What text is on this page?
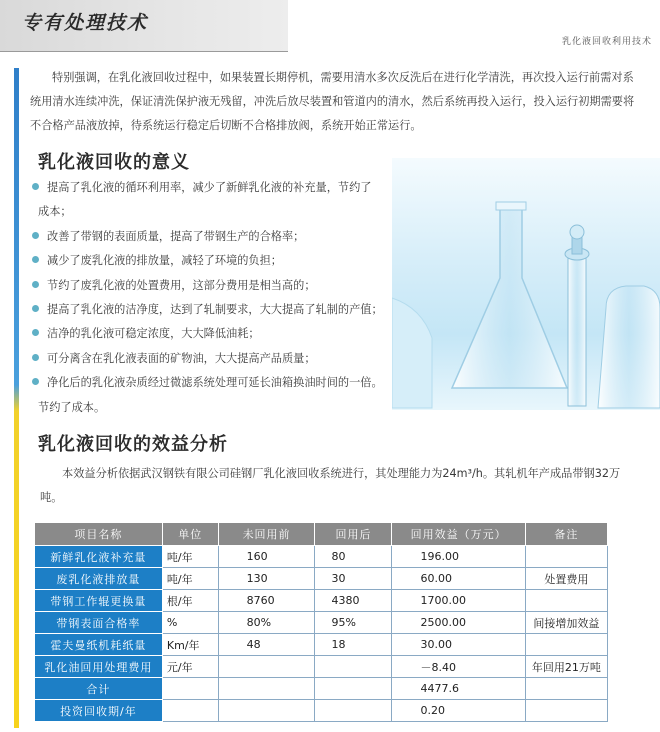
专有处理技术
乳化液回收利用技术
特别强调，在乳化液回收过程中，如果装置长期停机，需要用清水多次反洗后在进行化学清洗，再次投入运行前需对系统用清水连续冲洗，保证清洗保护液无残留，冲洗后放尽装置和管道内的清水，然后系统再投入运行，投入运行初期需要将不合格产品液放掉，待系统运行稳定后切断不合格排放阀，系统开始正常运行。
乳化液回收的意义
提高了乳化液的循环利用率，减少了新鲜乳化液的补充量，节约了
成本；
改善了带钢的表面质量，提高了带钢生产的合格率；
减少了废乳化液的排放量，减轻了环境的负担；
节约了废乳化液的处置费用，这部分费用是相当高的；
提高了乳化液的洁净度，达到了轧制要求，大大提高了轧制的产值；
洁净的乳化液可稳定浓度，大大降低油耗；
可分离含在乳化液表面的矿物油，大大提高产品质量；
净化后的乳化液杂质经过微滤系统处理可延长油箱换油时间的一倍。
节约了成本。
乳化液回收的效益分析
本效益分析依据武汉钢铁有限公司硅钢厂乳化液回收系统进行，其处理能力为24m³/h。其轧机年产成品带钢32万吨。
项目名称	单位	未回用前	回用后	回用效益（万元）	备注
新鲜乳化液补充量	吨/年	160	80	196.00	
废乳化液排放量	吨/年	130	30	60.00	处置费用
带钢工作辊更换量	根/年	8760	4380	1700.00	
带钢表面合格率	%	80%	95%	2500.00	间接增加效益
霍夫曼纸机耗纸量	Km/年	48	18	30.00	
乳化油回用处理费用	元/年			－8.40	年回用21万吨
合计				4477.6	
投资回收期/年				0.20	
